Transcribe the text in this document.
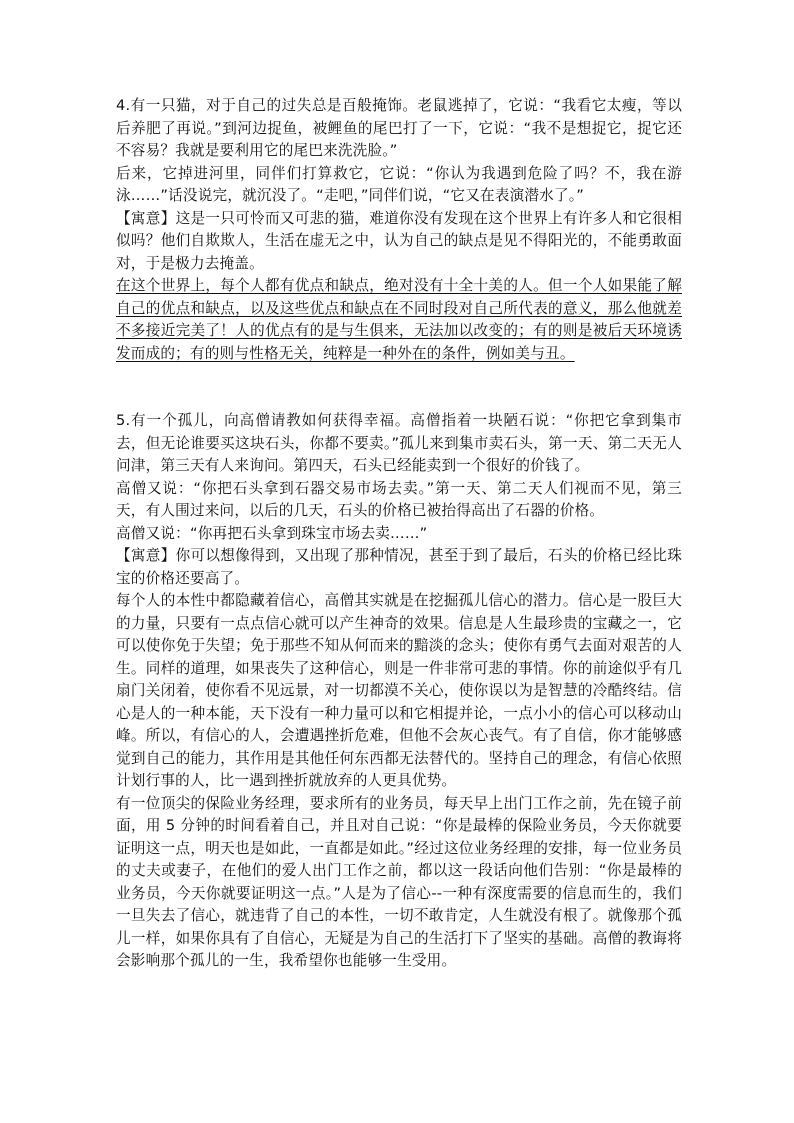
4.有一只猫，对于自己的过失总是百般掩饰。老鼠逃掉了，它说：“我看它太瘦，等以后养肥了再说。”到河边捉鱼，被鲤鱼的尾巴打了一下，它说：“我不是想捉它，捉它还不容易？我就是要利用它的尾巴来洗洗脸。”

后来，它掉进河里，同伴们打算救它，它说：“你认为我遇到危险了吗？不，我在游泳……”话没说完，就沉没了。“走吧，”同伴们说，“它又在表演潜水了。”

【寓意】这是一只可怜而又可悲的猫，难道你没有发现在这个世界上有许多人和它很相似吗？他们自欺欺人，生活在虚无之中，认为自己的缺点是见不得阳光的，不能勇敢面对，于是极力去掩盖。

在这个世界上，每个人都有优点和缺点，绝对没有十全十美的人。但一个人如果能了解自己的优点和缺点，以及这些优点和缺点在不同时段对自己所代表的意义，那么他就差不多接近完美了！人的优点有的是与生俱来，无法加以改变的；有的则是被后天环境诱发而成的；有的则与性格无关，纯粹是一种外在的条件，例如美与丑。

5.有一个孤儿，向高僧请教如何获得幸福。高僧指着一块陋石说：“你把它拿到集市去，但无论谁要买这块石头，你都不要卖。”孤儿来到集市卖石头，第一天、第二天无人问津，第三天有人来询问。第四天，石头已经能卖到一个很好的价钱了。

高僧又说：“你把石头拿到石器交易市场去卖。”第一天、第二天人们视而不见，第三天，有人围过来问，以后的几天，石头的价格已被抬得高出了石器的价格。

高僧又说：“你再把石头拿到珠宝市场去卖……”

【寓意】你可以想像得到，又出现了那种情况，甚至于到了最后，石头的价格已经比珠宝的价格还要高了。

每个人的本性中都隐藏着信心，高僧其实就是在挖掘孤儿信心的潜力。信心是一股巨大的力量，只要有一点点信心就可以产生神奇的效果。信息是人生最珍贵的宝藏之一，它可以使你免于失望；免于那些不知从何而来的黯淡的念头；使你有勇气去面对艰苦的人生。同样的道理，如果丧失了这种信心，则是一件非常可悲的事情。你的前途似乎有几扇门关闭着，使你看不见远景，对一切都漠不关心，使你误以为是智慧的冷酷终结。信心是人的一种本能，天下没有一种力量可以和它相提并论，一点小小的信心可以移动山峰。所以，有信心的人，会遭遇挫折危难，但他不会灰心丧气。有了自信，你才能够感觉到自己的能力，其作用是其他任何东西都无法替代的。坚持自己的理念，有信心依照计划行事的人，比一遇到挫折就放弃的人更具优势。

有一位顶尖的保险业务经理，要求所有的业务员，每天早上出门工作之前，先在镜子前面，用 5 分钟的时间看着自己，并且对自己说：“你是最棒的保险业务员，今天你就要证明这一点，明天也是如此，一直都是如此。”经过这位业务经理的安排，每一位业务员的丈夫或妻子，在他们的爱人出门工作之前，都以这一段话向他们告别：“你是最棒的业务员，今天你就要证明这一点。”人是为了信心--一种有深度需要的信息而生的，我们一旦失去了信心，就违背了自己的本性，一切不敢肯定，人生就没有根了。就像那个孤儿一样，如果你具有了自信心，无疑是为自己的生活打下了坚实的基础。高僧的教诲将会影响那个孤儿的一生，我希望你也能够一生受用。
